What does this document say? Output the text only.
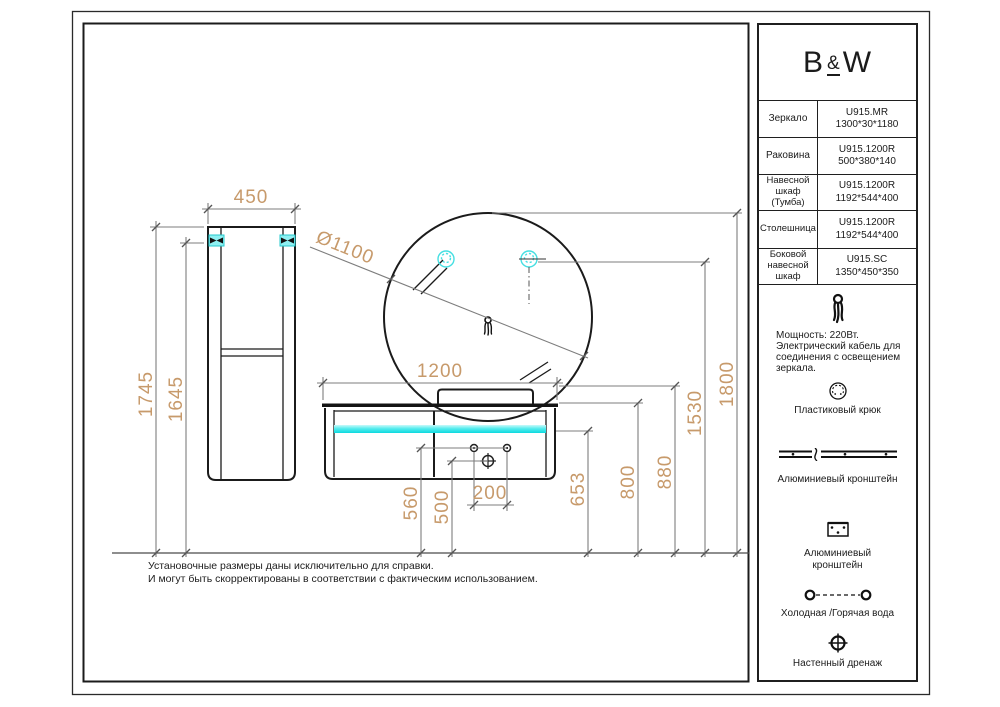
450
1745 1645
Ø1100
1200
560 500 200	653 800 880
1530
1800
Установочные размеры даны исключительно для справки.
И могут быть скорректированы в соответствии с фактическим использованием.
B & W
Зеркало
U915.MR
1300*30*1180
Раковина
U915.1200R
500*380*140
Навесной
шкаф
(Тумба)
U915.1200R
1192*544*400
Столешница
U915.1200R
1192*544*400
Боковой
навесной
шкаф
U915.SC
1350*450*350
Мощность: 220Вт.
Электрический кабель для
соединения с освещением
зеркала.
Пластиковый крюк
Алюминиевый кронштейн
Алюминиевый
кронштейн
Холодная /Горячая вода
Настенный дренаж
